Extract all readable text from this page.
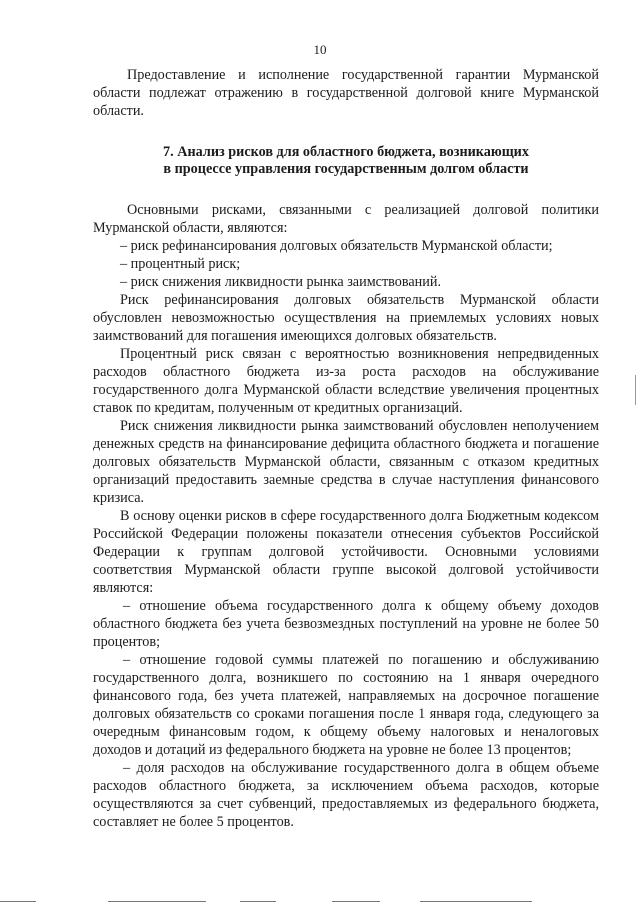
10

Предоставление и исполнение государственной гарантии Мурманской области подлежат отражению в государственной долговой книге Мурманской области.

7. Анализ рисков для областного бюджета, возникающих
в процессе управления государственным долгом области

Основными рисками, связанными с реализацией долговой политики Мурманской области, являются:

– риск рефинансирования долговых обязательств Мурманской области;

– процентный риск;

– риск снижения ликвидности рынка заимствований.

Риск рефинансирования долговых обязательств Мурманской области обусловлен невозможностью осуществления на приемлемых условиях новых заимствований для погашения имеющихся долговых обязательств.

Процентный риск связан с вероятностью возникновения непредвиденных расходов областного бюджета из-за роста расходов на обслуживание государственного долга Мурманской области вследствие увеличения процентных ставок по кредитам, полученным от кредитных организаций.

Риск снижения ликвидности рынка заимствований обусловлен неполучением денежных средств на финансирование дефицита областного бюджета и погашение долговых обязательств Мурманской области, связанным с отказом кредитных организаций предоставить заемные средства в случае наступления финансового кризиса.

В основу оценки рисков в сфере государственного долга Бюджетным кодексом Российской Федерации положены показатели отнесения субъектов Российской Федерации к группам долговой устойчивости. Основными условиями соответствия Мурманской области группе высокой долговой устойчивости являются:

– отношение объема государственного долга к общему объему доходов областного бюджета без учета безвозмездных поступлений на уровне не более 50 процентов;

– отношение годовой суммы платежей по погашению и обслуживанию государственного долга, возникшего по состоянию на 1 января очередного финансового года, без учета платежей, направляемых на досрочное погашение долговых обязательств со сроками погашения после 1 января года, следующего за очередным финансовым годом, к общему объему налоговых и неналоговых доходов и дотаций из федерального бюджета на уровне не более 13 процентов;

– доля расходов на обслуживание государственного долга в общем объеме расходов областного бюджета, за исключением объема расходов, которые осуществляются за счет субвенций, предоставляемых из федерального бюджета, составляет не более 5 процентов.
